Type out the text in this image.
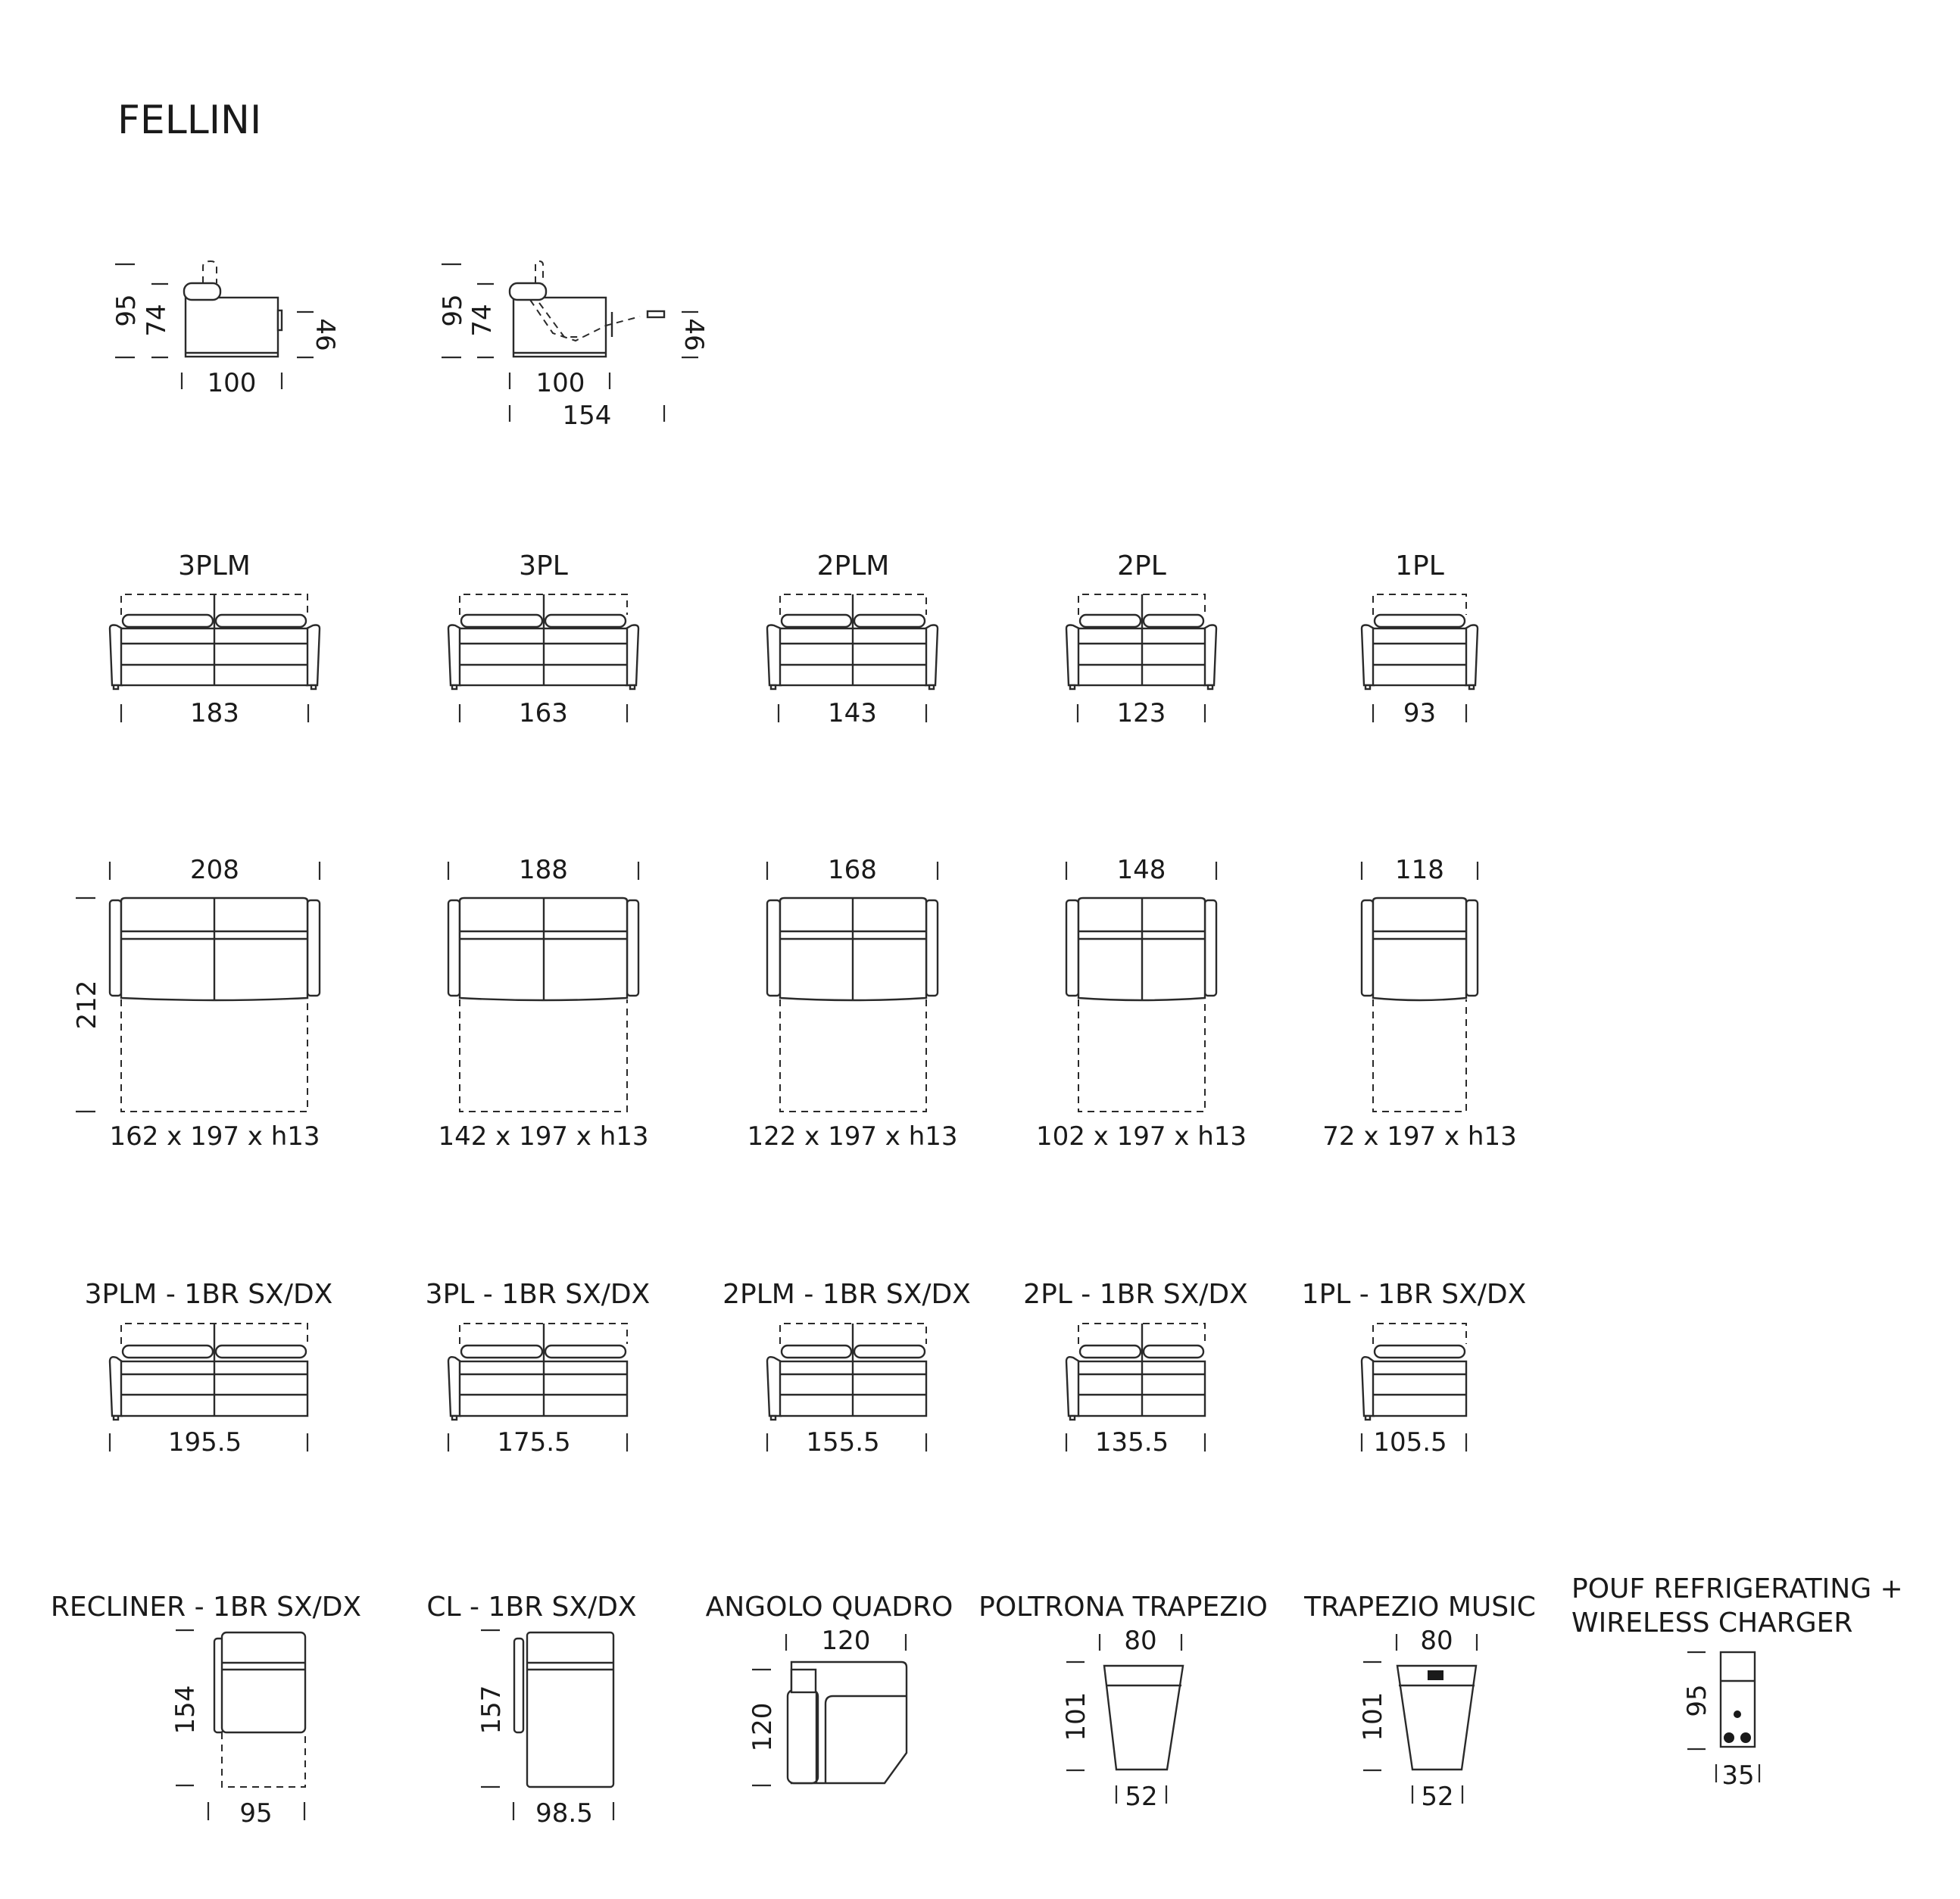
FELLINI
95 74	46
100
95 74	46
100
154
3PLM
183
3PL
163
2PLM
143
2PL
123
1PL
93
212
208
162 x 197 x h13
188
142 x 197 x h13
168
122 x 197 x h13
148
102 x 197 x h13
118
72 x 197 x h13
3PLM - 1BR SX/DX
195.5
3PL - 1BR SX/DX
175.5
2PLM - 1BR SX/DX
155.5
2PL - 1BR SX/DX
135.5
1PL - 1BR SX/DX
105.5
RECLINER - 1BR SX/DX
154
95
CL - 1BR SX/DX
157
98.5
ANGOLO QUADRO
120
120
POLTRONA TRAPEZIO
80
101
52
TRAPEZIO MUSIC
80
101
52
POUF REFRIGERATING +
WIRELESS CHARGER
95
35
